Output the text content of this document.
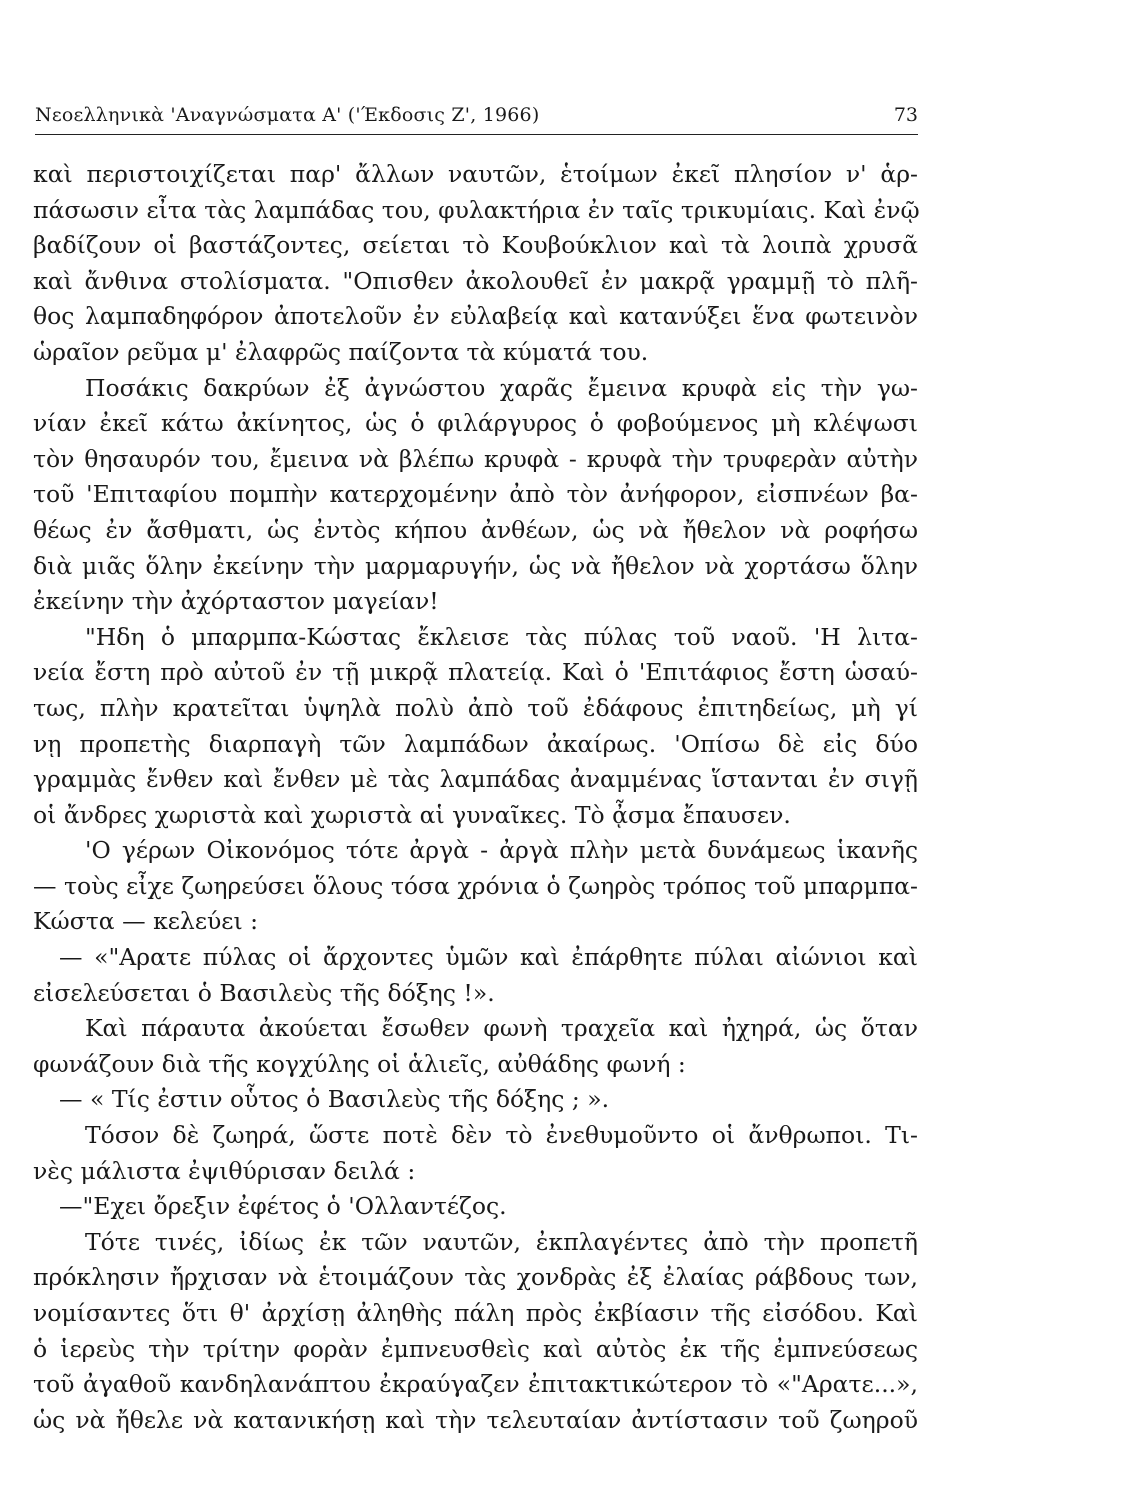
Νεοελληνικὰ 'Αναγνώσματα Α' ('Έκδοσις Ζ', 1966)	73
καὶ περιστοιχίζεται παρ' ἄλλων ναυτῶν, ἑτοίμων ἐκεῖ πλησίον ν' ἁρ-
πάσωσιν εἶτα τὰς λαμπάδας του, φυλακτήρια ἐν ταῖς τρικυμίαις. Καὶ ἐνῷ
βαδίζουν οἱ βαστάζοντες, σείεται τὸ Κουβούκλιον καὶ τὰ λοιπὰ χρυσᾶ
καὶ ἄνθινα στολίσματα. "Οπισθεν ἀκολουθεῖ ἐν μακρᾷ γραμμῇ τὸ πλῆ-
θος λαμπαδηφόρον ἀποτελοῦν ἐν εὐλαβείᾳ καὶ κατανύξει ἕνα φωτεινὸν
ὡραῖον ρεῦμα μ' ἐλαφρῶς παίζοντα τὰ κύματά του.
Ποσάκις δακρύων ἐξ ἀγνώστου χαρᾶς ἔμεινα κρυφὰ εἰς τὴν γω-
νίαν ἐκεῖ κάτω ἀκίνητος, ὡς ὁ φιλάργυρος ὁ φοβούμενος μὴ κλέψωσι
τὸν θησαυρόν του, ἔμεινα νὰ βλέπω κρυφὰ - κρυφὰ τὴν τρυφερὰν αὐτὴν
τοῦ 'Επιταφίου πομπὴν κατερχομένην ἀπὸ τὸν ἀνήφορον, εἰσπνέων βα-
θέως ἐν ἄσθματι, ὡς ἐντὸς κήπου ἀνθέων, ὡς νὰ ἤθελον νὰ ροφήσω
διὰ μιᾶς ὅλην ἐκείνην τὴν μαρμαρυγήν, ὡς νὰ ἤθελον νὰ χορτάσω ὅλην
ἐκείνην τὴν ἀχόρταστον μαγείαν!
"Ηδη ὁ μπαρμπα-Κώστας ἔκλεισε τὰς πύλας τοῦ ναοῦ. 'Η λιτα-
νεία ἔστη πρὸ αὐτοῦ ἐν τῇ μικρᾷ πλατείᾳ. Καὶ ὁ 'Επιτάφιος ἔστη ὡσαύ-
τως, πλὴν κρατεῖται ὑψηλὰ πολὺ ἀπὸ τοῦ ἐδάφους ἐπιτηδείως, μὴ γί
νῃ προπετὴς διαρπαγὴ τῶν λαμπάδων ἀκαίρως. 'Οπίσω δὲ εἰς δύο
γραμμὰς ἔνθεν καὶ ἔνθεν μὲ τὰς λαμπάδας ἀναμμένας ἵστανται ἐν σιγῇ
οἱ ἄνδρες χωριστὰ καὶ χωριστὰ αἱ γυναῖκες. Τὸ ᾆσμα ἔπαυσεν.
'Ο γέρων Οἰκονόμος τότε ἀργὰ - ἀργὰ πλὴν μετὰ δυνάμεως ἱκανῆς
— τοὺς εἶχε ζωηρεύσει ὅλους τόσα χρόνια ὁ ζωηρὸς τρόπος τοῦ μπαρμπα-
Κώστα — κελεύει :
— «"Αρατε πύλας οἱ ἄρχοντες ὑμῶν καὶ ἐπάρθητε πύλαι αἰώνιοι καὶ
εἰσελεύσεται ὁ Βασιλεὺς τῆς δόξης !».
Καὶ πάραυτα ἀκούεται ἔσωθεν φωνὴ τραχεῖα καὶ ἠχηρά, ὡς ὅταν
φωνάζουν διὰ τῆς κογχύλης οἱ ἁλιεῖς, αὐθάδης φωνή :
— « Τίς ἐστιν οὗτος ὁ Βασιλεὺς τῆς δόξης ; ».
Τόσον δὲ ζωηρά, ὥστε ποτὲ δὲν τὸ ἐνεθυμοῦντο οἱ ἄνθρωποι. Τι-
νὲς μάλιστα ἐψιθύρισαν δειλά :
—"Εχει ὄρεξιν ἐφέτος ὁ 'Ολλαντέζος.
Τότε τινές, ἰδίως ἐκ τῶν ναυτῶν, ἐκπλαγέντες ἀπὸ τὴν προπετῆ
πρόκλησιν ἤρχισαν νὰ ἑτοιμάζουν τὰς χονδρὰς ἐξ ἐλαίας ράβδους των,
νομίσαντες ὅτι θ' ἀρχίσῃ ἀληθὴς πάλη πρὸς ἐκβίασιν τῆς εἰσόδου. Καὶ
ὁ ἱερεὺς τὴν τρίτην φορὰν ἐμπνευσθεὶς καὶ αὐτὸς ἐκ τῆς ἐμπνεύσεως
τοῦ ἀγαθοῦ κανδηλανάπτου ἐκραύγαζεν ἐπιτακτικώτερον τὸ «"Αρατε...»,
ὡς νὰ ἤθελε νὰ κατανικήσῃ καὶ τὴν τελευταίαν ἀντίστασιν τοῦ ζωηροῦ
